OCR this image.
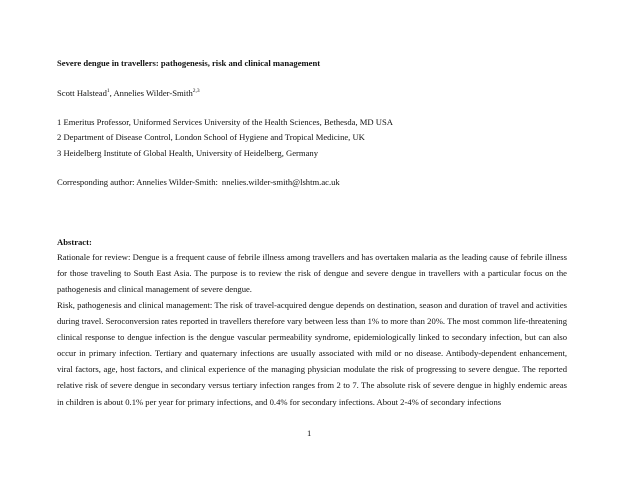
Severe dengue in travellers: pathogenesis, risk and clinical management
Scott Halstead$^1$, Annelies Wilder-Smith$^{2,3}$
1 Emeritus Professor, Uniformed Services University of the Health Sciences, Bethesda, MD USA
2 Department of Disease Control, London School of Hygiene and Tropical Medicine, UK
3 Heidelberg Institute of Global Health, University of Heidelberg, Germany
Corresponding author: Annelies Wilder-Smith: nnelies.wilder-smith@lshtm.ac.uk
Abstract:
Rationale for review: Dengue is a frequent cause of febrile illness among travellers and has overtaken malaria as the leading cause of febrile illness for those traveling to South East Asia. The purpose is to review the risk of dengue and severe dengue in travellers with a particular focus on the pathogenesis and clinical management of severe dengue.
Risk, pathogenesis and clinical management: The risk of travel-acquired dengue depends on destination, season and duration of travel and activities during travel. Seroconversion rates reported in travellers therefore vary between less than 1% to more than 20%. The most common life-threatening clinical response to dengue infection is the dengue vascular permeability syndrome, epidemiologically linked to secondary infection, but can also occur in primary infection. Tertiary and quaternary infections are usually associated with mild or no disease. Antibody-dependent enhancement, viral factors, age, host factors, and clinical experience of the managing physician modulate the risk of progressing to severe dengue. The reported relative risk of severe dengue in secondary versus tertiary infection ranges from 2 to 7. The absolute risk of severe dengue in highly endemic areas in children is about 0.1% per year for primary infections, and 0.4% for secondary infections. About 2-4% of secondary infections
1
